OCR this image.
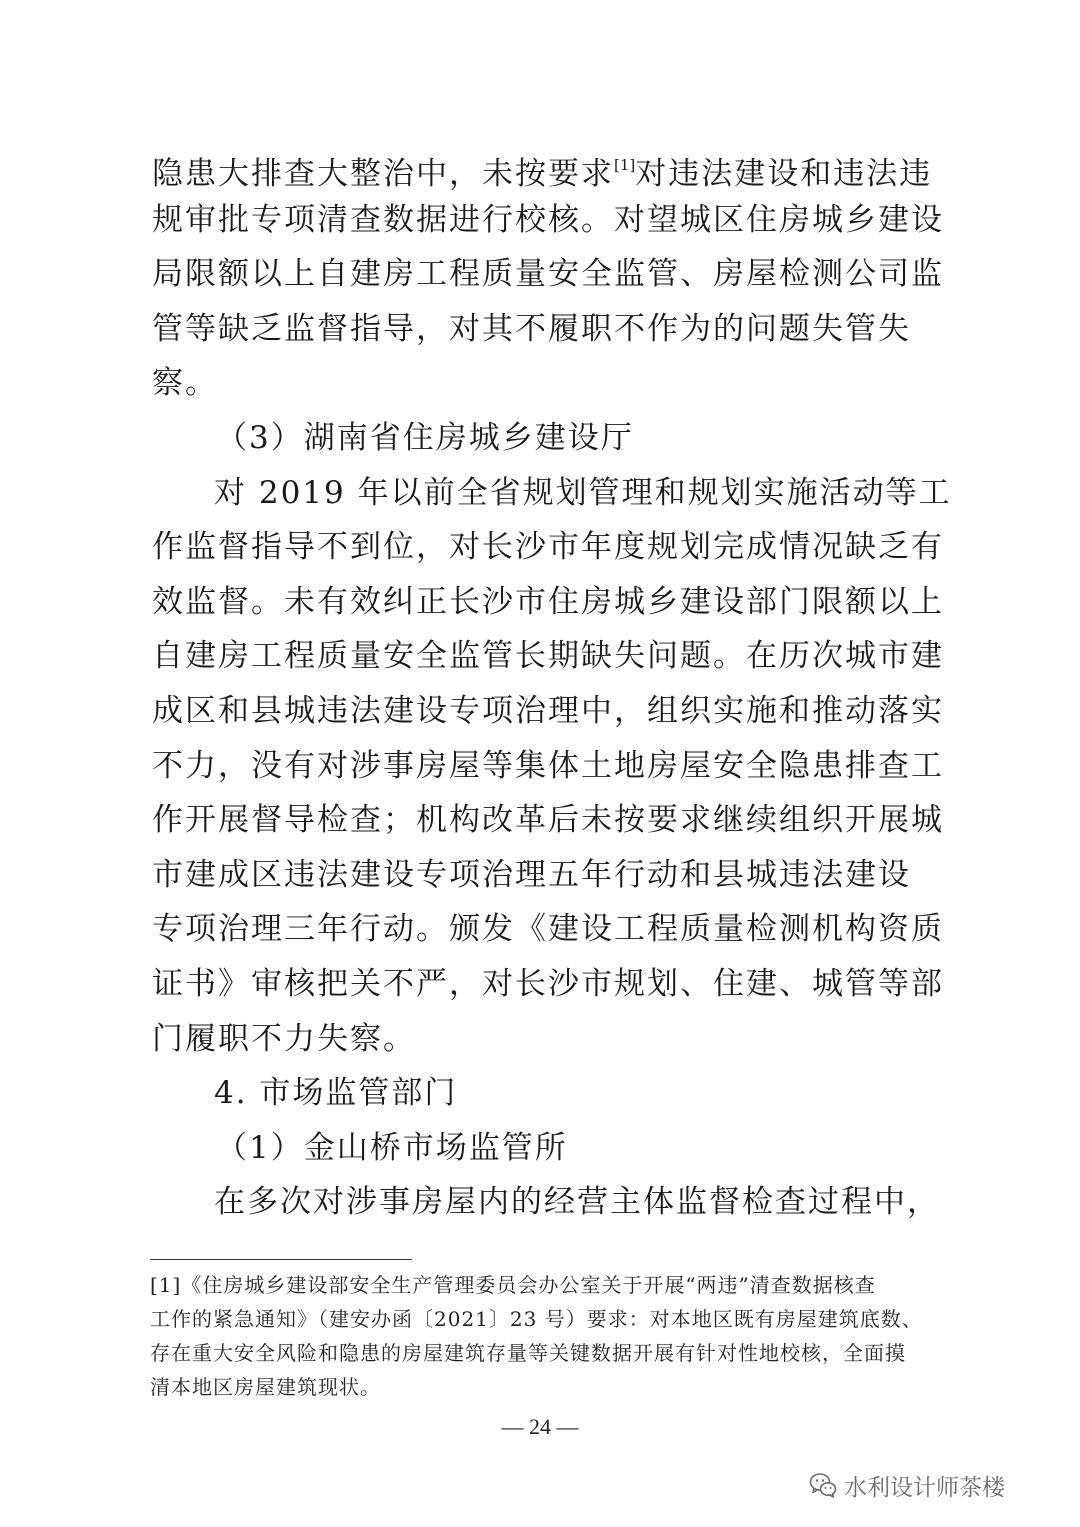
隐患大排查大整治中，未按要求[1]对违法建设和违法违
规审批专项清查数据进行校核。对望城区住房城乡建设
局限额以上自建房工程质量安全监管、房屋检测公司监
管等缺乏监督指导，对其不履职不作为的问题失管失
察。
（3）湖南省住房城乡建设厅
对 2019 年以前全省规划管理和规划实施活动等工
作监督指导不到位，对长沙市年度规划完成情况缺乏有
效监督。未有效纠正长沙市住房城乡建设部门限额以上
自建房工程质量安全监管长期缺失问题。在历次城市建
成区和县城违法建设专项治理中，组织实施和推动落实
不力，没有对涉事房屋等集体土地房屋安全隐患排查工
作开展督导检查；机构改革后未按要求继续组织开展城
市建成区违法建设专项治理五年行动和县城违法建设
专项治理三年行动。颁发《建设工程质量检测机构资质
证书》审核把关不严，对长沙市规划、住建、城管等部
门履职不力失察。
4. 市场监管部门
（1）金山桥市场监管所
在多次对涉事房屋内的经营主体监督检查过程中，
[1]《住房城乡建设部安全生产管理委员会办公室关于开展“两违”清查数据核查
工作的紧急通知》（建安办函〔2021〕23 号）要求：对本地区既有房屋建筑底数、
存在重大安全风险和隐患的房屋建筑存量等关键数据开展有针对性地校核，全面摸
清本地区房屋建筑现状。
— 24 —
水利设计师茶楼
